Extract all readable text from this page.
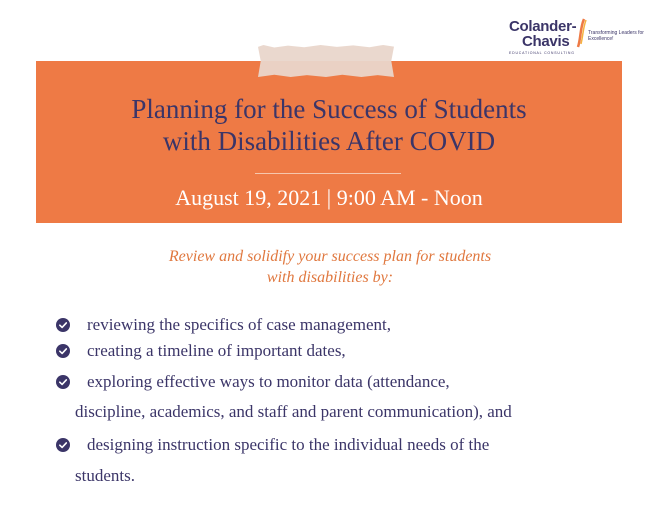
Colander-
Chavis
EDUCATIONAL CONSULTING
Transforming Leaders for Excellence!
Planning for the Success of Students
with Disabilities After COVID
August 19, 2021 | 9:00 AM - Noon
Review and solidify your success plan for students
with disabilities by:
reviewing the specifics of case management,
creating a timeline of important dates,
exploring effective ways to monitor data (attendance,
discipline, academics, and staff and parent communication), and
designing instruction specific to the individual needs of the
students.
